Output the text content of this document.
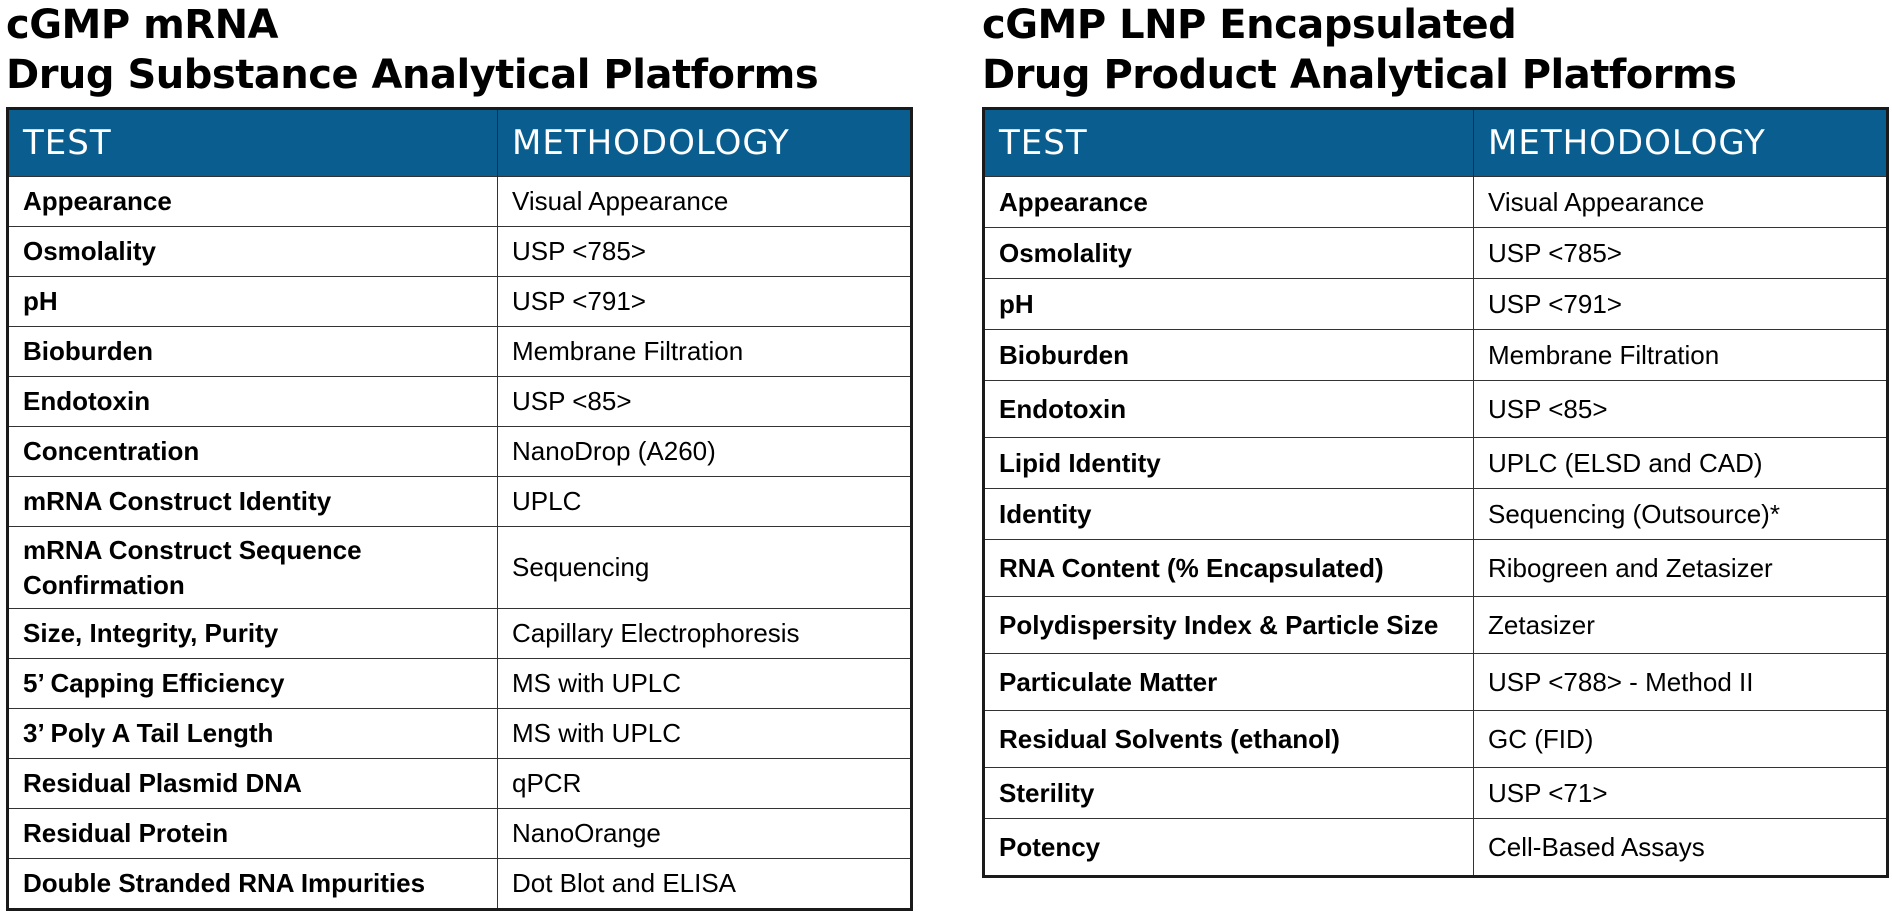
cGMP mRNA
Drug Substance Analytical Platforms
TEST	METHODOLOGY
Appearance	Visual Appearance
Osmolality	USP <785>
pH	USP <791>
Bioburden	Membrane Filtration
Endotoxin	USP <85>
Concentration	NanoDrop (A260)
mRNA Construct Identity	UPLC
mRNA Construct Sequence Confirmation	Sequencing
Size, Integrity, Purity	Capillary Electrophoresis
5’ Capping Efficiency	MS with UPLC
3’ Poly A Tail Length	MS with UPLC
Residual Plasmid DNA	qPCR
Residual Protein	NanoOrange
Double Stranded RNA Impurities	Dot Blot and ELISA
cGMP LNP Encapsulated
Drug Product Analytical Platforms
TEST	METHODOLOGY
Appearance	Visual Appearance
Osmolality	USP <785>
pH	USP <791>
Bioburden	Membrane Filtration
Endotoxin	USP <85>
Lipid Identity	UPLC (ELSD and CAD)
Identity	Sequencing (Outsource)*
RNA Content (% Encapsulated)	Ribogreen and Zetasizer
Polydispersity Index & Particle Size	Zetasizer
Particulate Matter	USP <788> - Method II
Residual Solvents (ethanol)	GC (FID)
Sterility	USP <71>
Potency	Cell-Based Assays
